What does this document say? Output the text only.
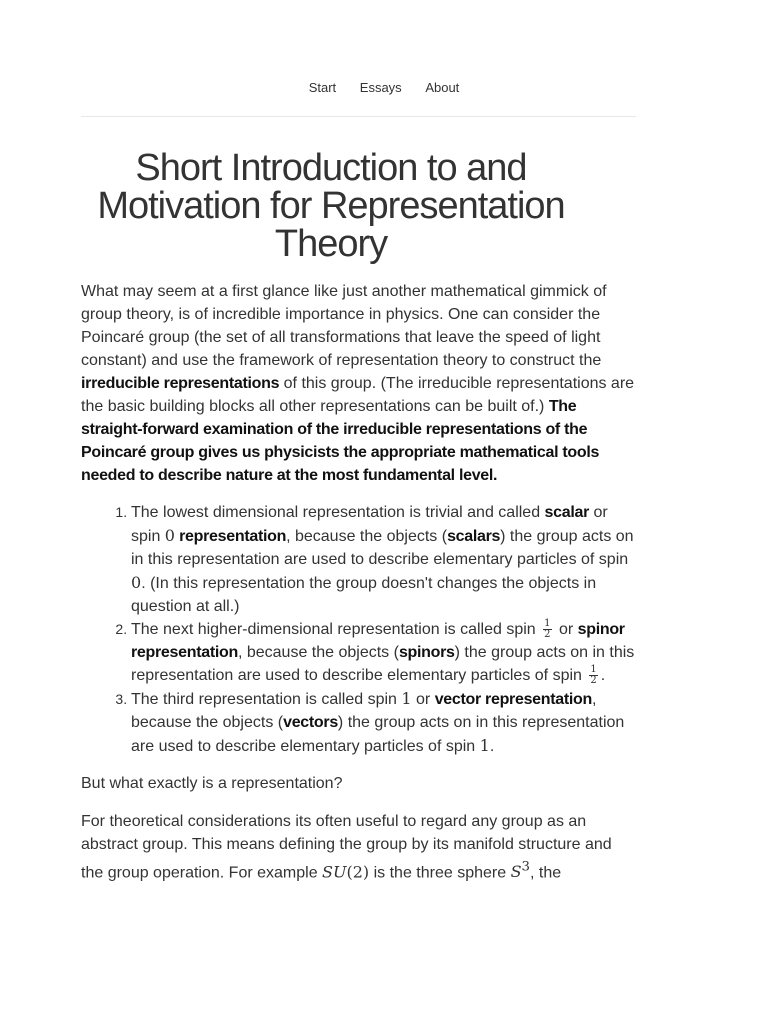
Start Essays About
Short Introduction to and Motivation for Representation Theory

What may seem at a first glance like just another mathematical gimmick of group theory, is of incredible importance in physics. One can consider the Poincaré group (the set of all transformations that leave the speed of light constant) and use the framework of representation theory to construct the irreducible representations of this group. (The irreducible representations are the basic building blocks all other representations can be built of.) The straight-forward examination of the irreducible representations of the Poincaré group gives us physicists the appropriate mathematical tools needed to describe nature at the most fundamental level.

1. The lowest dimensional representation is trivial and called scalar or spin 0 representation, because the objects (scalars) the group acts on in this representation are used to describe elementary particles of spin 0. (In this representation the group doesn't changes the objects in question at all.)
2. The next higher-dimensional representation is called spin $\frac{1}{2}$ or spinor representation, because the objects (spinors) the group acts on in this representation are used to describe elementary particles of spin $\frac{1}{2}$ .
3. The third representation is called spin 1 or vector representation, because the objects (vectors) the group acts on in this representation are used to describe elementary particles of spin 1.

But what exactly is a representation?

For theoretical considerations its often useful to regard any group as an abstract group. This means defining the group by its manifold structure and the group operation. For example SU(2) is the three sphere $S^3$, the
